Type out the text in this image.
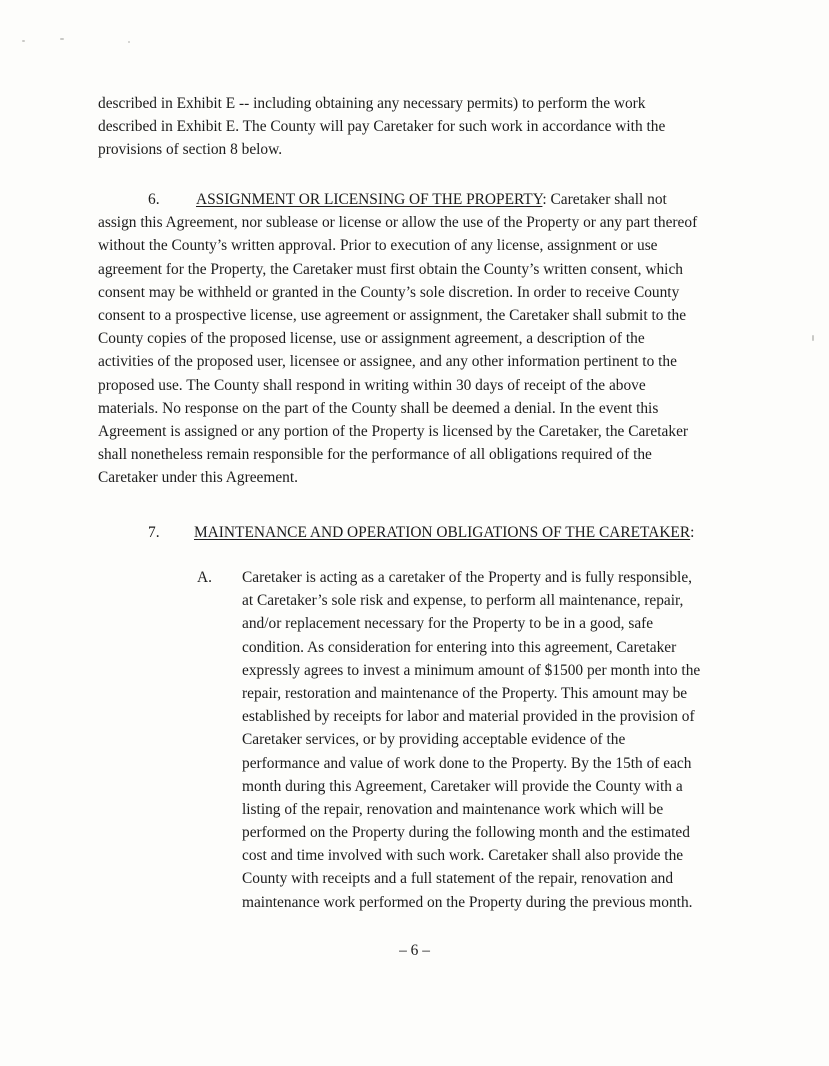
described in Exhibit E -- including obtaining any necessary permits) to perform the work
described in Exhibit E. The County will pay Caretaker for such work in accordance with the
provisions of section 8 below.
6. ASSIGNMENT OR LICENSING OF THE PROPERTY: Caretaker shall not
assign this Agreement, nor sublease or license or allow the use of the Property or any part thereof
without the County’s written approval. Prior to execution of any license, assignment or use
agreement for the Property, the Caretaker must first obtain the County’s written consent, which
consent may be withheld or granted in the County’s sole discretion. In order to receive County
consent to a prospective license, use agreement or assignment, the Caretaker shall submit to the
County copies of the proposed license, use or assignment agreement, a description of the
activities of the proposed user, licensee or assignee, and any other information pertinent to the
proposed use. The County shall respond in writing within 30 days of receipt of the above
materials. No response on the part of the County shall be deemed a denial. In the event this
Agreement is assigned or any portion of the Property is licensed by the Caretaker, the Caretaker
shall nonetheless remain responsible for the performance of all obligations required of the
Caretaker under this Agreement.
7. MAINTENANCE AND OPERATION OBLIGATIONS OF THE CARETAKER:
A. Caretaker is acting as a caretaker of the Property and is fully responsible,
at Caretaker’s sole risk and expense, to perform all maintenance, repair,
and/or replacement necessary for the Property to be in a good, safe
condition. As consideration for entering into this agreement, Caretaker
expressly agrees to invest a minimum amount of $1500 per month into the
repair, restoration and maintenance of the Property. This amount may be
established by receipts for labor and material provided in the provision of
Caretaker services, or by providing acceptable evidence of the
performance and value of work done to the Property. By the 15th of each
month during this Agreement, Caretaker will provide the County with a
listing of the repair, renovation and maintenance work which will be
performed on the Property during the following month and the estimated
cost and time involved with such work. Caretaker shall also provide the
County with receipts and a full statement of the repair, renovation and
maintenance work performed on the Property during the previous month.
– 6 –
